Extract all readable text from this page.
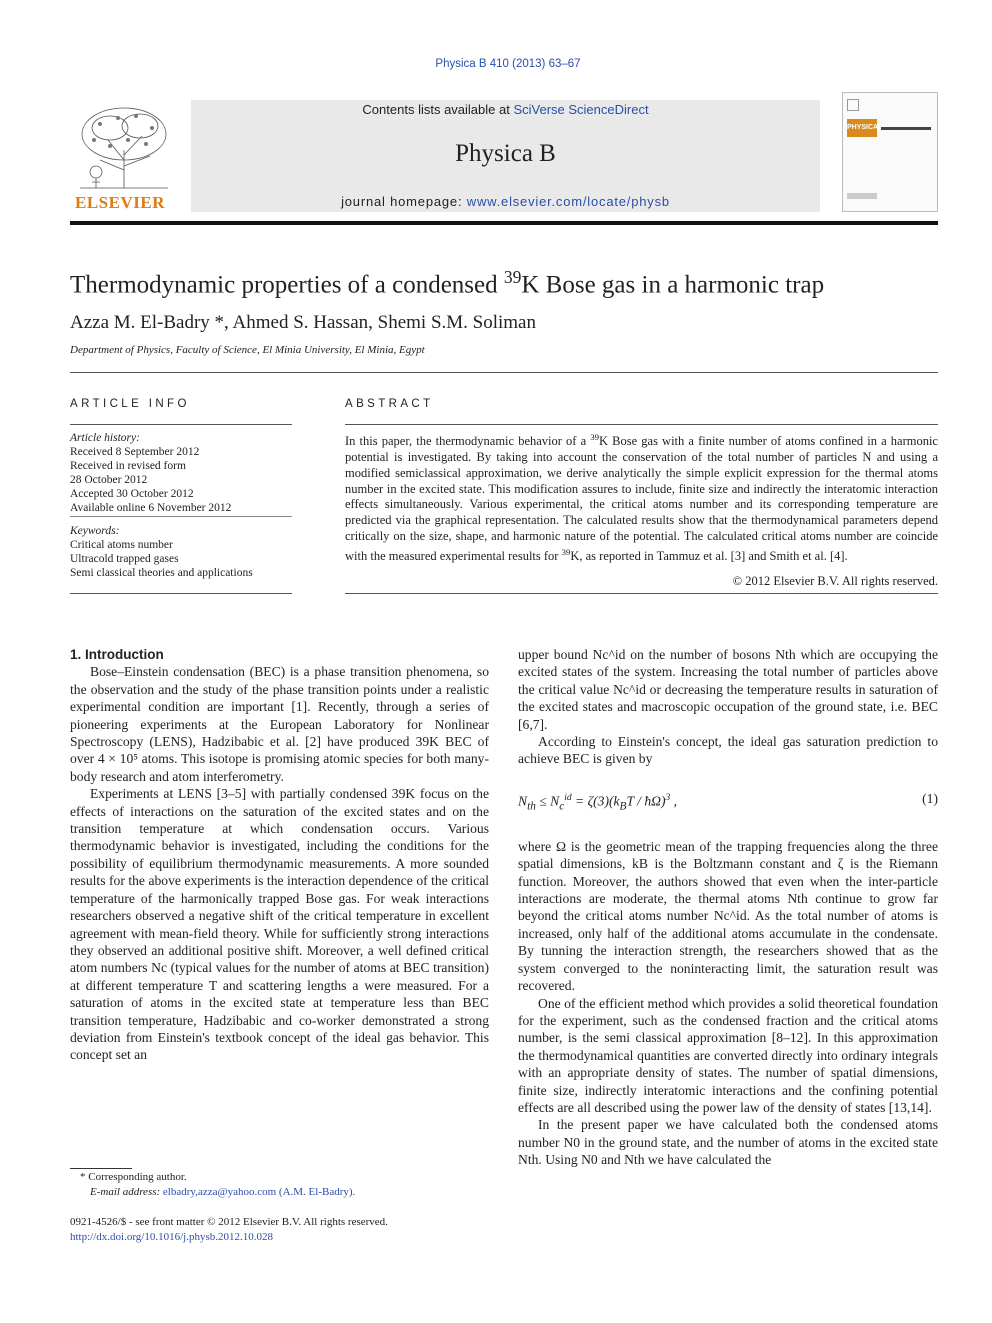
Physica B 410 (2013) 63–67
ELSEVIER
Contents lists available at SciVerse ScienceDirect
Physica B
journal homepage: www.elsevier.com/locate/physb
PHYSICA
Thermodynamic properties of a condensed $^{39}$K Bose gas in a harmonic trap
Azza M. El-Badry *, Ahmed S. Hassan, Shemi S.M. Soliman
Department of Physics, Faculty of Science, El Minia University, El Minia, Egypt
ARTICLE INFO
Article history:
Received 8 September 2012
Received in revised form
28 October 2012
Accepted 30 October 2012
Available online 6 November 2012
Keywords:
Critical atoms number
Ultracold trapped gases
Semi classical theories and applications
ABSTRACT
In this paper, the thermodynamic behavior of a $^{39}$K Bose gas with a finite number of atoms confined in a harmonic potential is investigated. By taking into account the conservation of the total number of particles N and using a modified semiclassical approximation, we derive analytically the simple explicit expression for the thermal atoms number in the excited state. This modification assures to include, finite size and indirectly the interatomic interaction effects simultaneously. Various experimental, the critical atoms number and its corresponding temperature are predicted via the graphical representation. The calculated results show that the thermodynamical parameters depend critically on the size, shape, and harmonic nature of the potential. The calculated critical atoms number are coincide with the measured experimental results for $^{39}$K, as reported in Tammuz et al. [3] and Smith et al. [4].
© 2012 Elsevier B.V. All rights reserved.

1. Introduction

Bose–Einstein condensation (BEC) is a phase transition phenomena, so the observation and the study of the phase transition points under a realistic experimental condition are important [1]. Recently, through a series of pioneering experiments at the European Laboratory for Nonlinear Spectroscopy (LENS), Hadzibabic et al. [2] have produced 39K BEC of over 4 × 10⁵ atoms. This isotope is promising atomic species for both many-body research and atom interferometry.

Experiments at LENS [3–5] with partially condensed 39K focus on the effects of interactions on the saturation of the excited states and on the transition temperature at which condensation occurs. Various thermodynamic behavior is investigated, including the conditions for the possibility of equilibrium thermodynamic measurements. A more sounded results for the above experiments is the interaction dependence of the critical temperature of the harmonically trapped Bose gas. For weak interactions researchers observed a negative shift of the critical temperature in excellent agreement with mean-field theory. While for sufficiently strong interactions they observed an additional positive shift. Moreover, a well defined critical atom numbers Nc (typical values for the number of atoms at BEC transition) at different temperature T and scattering lengths a were measured. For a saturation of atoms in the excited state at temperature less than BEC transition temperature, Hadzibabic and co-worker demonstrated a strong deviation from Einstein's textbook concept of the ideal gas behavior. This concept set an

upper bound Nc^id on the number of bosons Nth which are occupying the excited states of the system. Increasing the total number of particles above the critical value Nc^id or decreasing the temperature results in saturation of the excited states and macroscopic occupation of the ground state, i.e. BEC [6,7].

According to Einstein's concept, the ideal gas saturation prediction to achieve BEC is given by

$N_{th} \le N_c^{id} = \zeta(3)(k_BT$ / ħΩ)$^3$ ,	(1)

where Ω is the geometric mean of the trapping frequencies along the three spatial dimensions, kB is the Boltzmann constant and ζ is the Riemann function. Moreover, the authors showed that even when the inter-particle interactions are moderate, the thermal atoms Nth continue to grow far beyond the critical atoms number Nc^id. As the total number of atoms is increased, only half of the additional atoms accumulate in the condensate. By tunning the interaction strength, the researchers showed that as the system converged to the noninteracting limit, the saturation result was recovered.

One of the efficient method which provides a solid theoretical foundation for the experiment, such as the condensed fraction and the critical atoms number, is the semi classical approximation [8–12]. In this approximation the thermodynamical quantities are converted directly into ordinary integrals with an appropriate density of states. The number of spatial dimensions, finite size, indirectly interatomic interactions and the confining potential effects are all described using the power law of the density of states [13,14].

In the present paper we have calculated both the condensed atoms number N0 in the ground state, and the number of atoms in the excited state Nth. Using N0 and Nth we have calculated the

* Corresponding author.
E-mail address: elbadry,azza@yahoo.com (A.M. El-Badry).
0921-4526/$ - see front matter © 2012 Elsevier B.V. All rights reserved.
http://dx.doi.org/10.1016/j.physb.2012.10.028
